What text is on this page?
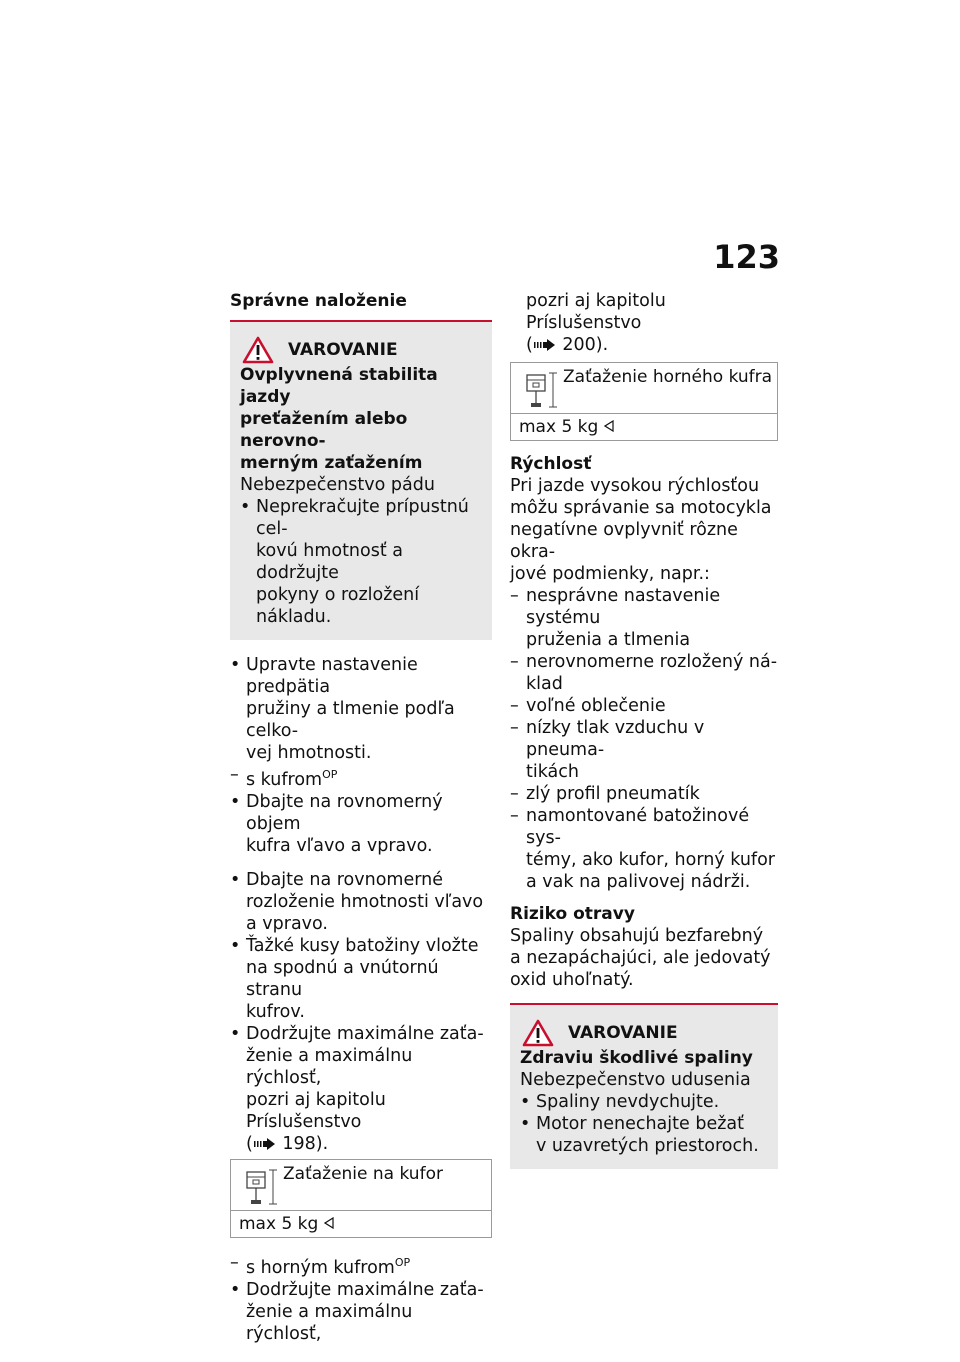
123
Správne naloženie
VAROVANIE
Ovplyvnená stabilita jazdy
preťažením alebo nerovno-
merným zaťažením
Nebezpečenstvo pádu
• Neprekračujte prípustnú cel-
kovú hmotnosť a dodržujte
pokyny o rozložení nákladu.
• Upravte nastavenie predpätia
pružiny a tlmenie podľa celko-
vej hmotnosti.
– s kufrom$^{OP}$
• Dbajte na rovnomerný objem
kufra vľavo a vpravo.
• Dbajte na rovnomerné
rozloženie hmotnosti vľavo
a vpravo.
• Ťažké kusy batožiny vložte
na spodnú a vnútornú stranu
kufrov.
• Dodržujte maximálne zaťa-
ženie a maximálnu rýchlosť,
pozri aj kapitolu Príslušenstvo
( 198).
Zaťaženie na kufor
max 5 kg
– s horným kufrom$^{OP}$
• Dodržujte maximálne zaťa-
ženie a maximálnu rýchlosť,
pozri aj kapitolu Príslušenstvo
( 200).
Zaťaženie horného kufra
max 5 kg
Rýchlosť
Pri jazde vysokou rýchlosťou
môžu správanie sa motocykla
negatívne ovplyvniť rôzne okra-
jové podmienky, napr.:
– nesprávne nastavenie systému
pruženia a tlmenia
– nerovnomerne rozložený ná-
klad
– voľné oblečenie
– nízky tlak vzduchu v pneuma-
tikách
– zlý profil pneumatík
– namontované batožinové sys-
témy, ako kufor, horný kufor
a vak na palivovej nádrži.
Riziko otravy
Spaliny obsahujú bezfarebný
a nezapáchajúci, ale jedovatý
oxid uhoľnatý.
VAROVANIE
Zdraviu škodlivé spaliny
Nebezpečenstvo udusenia
• Spaliny nevdychujte.
• Motor nenechajte bežať
v uzavretých priestoroch.
